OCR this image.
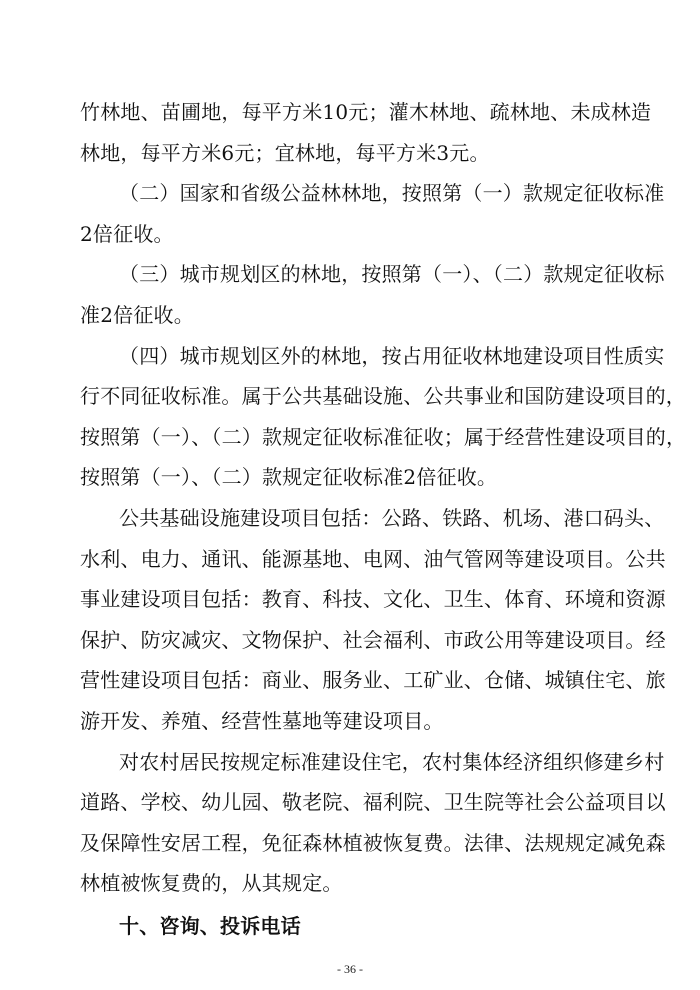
竹林地、苗圃地，每平方米10元；灌木林地、疏林地、未成林造
林地，每平方米6元；宜林地，每平方米3元。
（二）国家和省级公益林林地，按照第（一）款规定征收标准
2倍征收。
（三）城市规划区的林地，按照第（一）、（二）款规定征收标
准2倍征收。
（四）城市规划区外的林地，按占用征收林地建设项目性质实
行不同征收标准。属于公共基础设施、公共事业和国防建设项目的，
按照第（一）、（二）款规定征收标准征收；属于经营性建设项目的，
按照第（一）、（二）款规定征收标准2倍征收。
公共基础设施建设项目包括：公路、铁路、机场、港口码头、
水利、电力、通讯、能源基地、电网、油气管网等建设项目。公共
事业建设项目包括：教育、科技、文化、卫生、体育、环境和资源
保护、防灾减灾、文物保护、社会福利、市政公用等建设项目。经
营性建设项目包括：商业、服务业、工矿业、仓储、城镇住宅、旅
游开发、养殖、经营性墓地等建设项目。
对农村居民按规定标准建设住宅，农村集体经济组织修建乡村
道路、学校、幼儿园、敬老院、福利院、卫生院等社会公益项目以
及保障性安居工程，免征森林植被恢复费。法律、法规规定减免森
林植被恢复费的，从其规定。
十、咨询、投诉电话
- 36 -
